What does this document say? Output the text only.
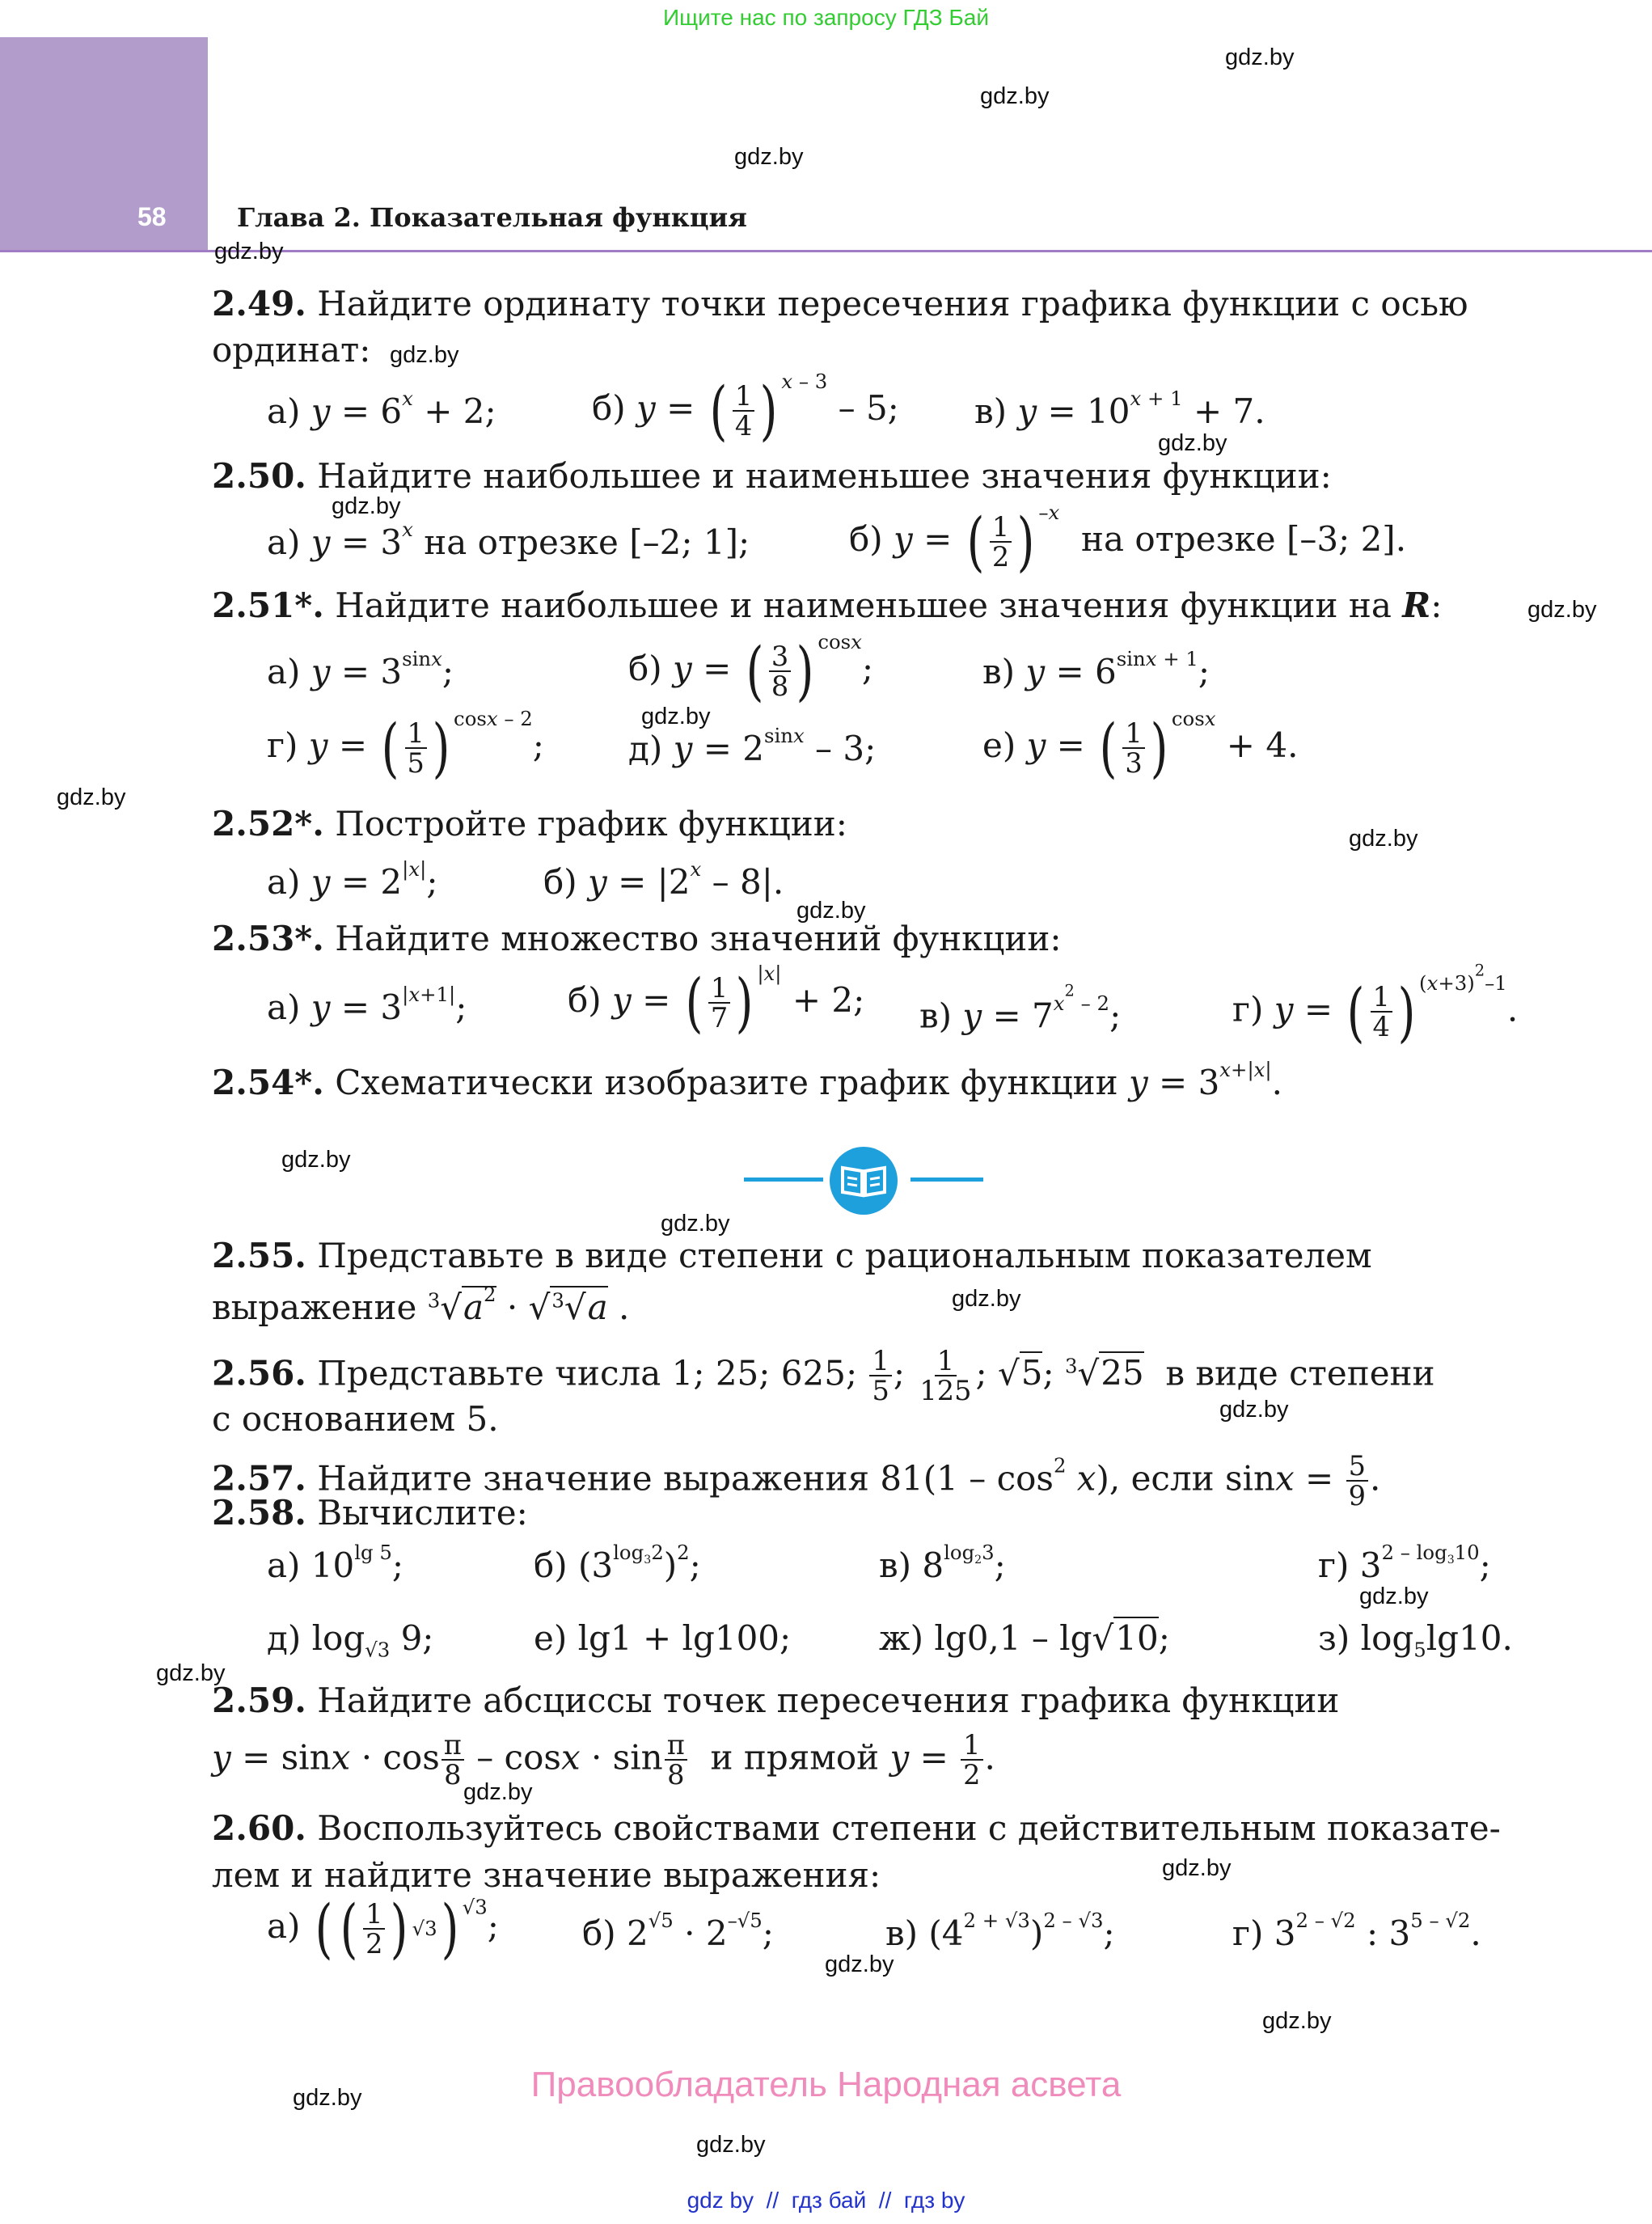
58	Глава 2. Показательная функция
Ищите нас по запросу ГДЗ Бай
gdz.by
gdz.by
gdz.by
gdz.by
gdz.by
gdz.by
gdz.by
gdz.by
gdz.by
gdz.by
gdz.by
gdz.by
gdz.by
gdz.by
gdz.by
gdz.by
gdz.by
gdz.by
gdz.by
gdz.by
gdz.by
gdz.by
gdz.by
gdz.by
2.49. Найдите ординату точки пересечения графика функции с осью
ординат:
а) $y = 6^x + 2$;	б) y = ( $\frac{1}{4}$ ) $^{x - 3}$ – 5; в) $y = 10^{x + 1} + 7$.
2.50. Найдите наибольшее и наименьшее значения функции:
а) $y = 3^x$ на отрезке [–2; 1];	б) y = ( $\frac{1}{2}$ ) $^{-x}$  на отрезке [–3; 2].
2.51*. Найдите наибольшее и наименьшее значения функции на R:
а) $y = 3^{sinx}$;	б) y = ( $\frac{3}{8}$ ) $^{cosx}$;	в) $y = 6^{sinx + 1}$;
г) y = ( $\frac{1}{5}$ ) $^{cosx - 2}$; д) $y = 2^{sinx} - 3$;	е) y = ( $\frac{1}{3}$ ) $^{cosx}$ + 4.
2.52*. Постройте график функции:
а) $y = 2^{|x|}$;	б) $y = |2^x - 8|$.
2.53*. Найдите множество значений функции:
а) $y = 3^{|x+1|}$;	б) y = ( $\frac{1}{7}$ ) $^{|x|}$ + 2; в) $y = 7^{x^2 - 2}$;	г) y = ( $\frac{1}{4}$ ) $^{(x+3)^2-1}$.
2.54*. Схематически изобразите график функции $y = 3^{x+|x|}$.
2.55. Представьте в виде степени с рациональным показателем
выражение $^3√a^2 \cdot √^3√a$ .
2.56. Представьте числа 1; 25; 625; $\frac{1}{5}$ ; $\frac{1}{125}$ ; √5; $^3$√25 в виде степени
с основанием 5.
2.57. Найдите значение выражения $81(1 - \cos^2 x)$, если $\sin x = \frac{5}{9}$ .
2.58. Вычислите:
а) $10^{lg 5}$;	б) $(3^{log_32})^2$;	в) $8^{log_23}$;	г) $3^{2 - log_310}$;
д) $\log_{√3} 9$;	е) lg1 + lg100;	ж) lg0,1 – lg√10;	з) $\log_5\lg 10$.
2.59. Найдите абсциссы точек пересечения графика функции
$y = \sin x \cdot \cos \frac{\pi}{8} - \cos x \cdot \sin \frac{\pi}{8}$ и прямой $y = \frac{1}{2}$ .
2.60. Воспользуйтесь свойствами степени с действительным показате-
лем и найдите значение выражения:
а) ( ( $\frac{1}{2}$ ) √3 ) $^{√3}$; б) $2^{√5} \cdot 2^{-√5}$;	в) $(4^{2 + √3})^{2 - √3}$;	г) $3^{2 - √2}$ : $3^{5 - √2}$.
Правообладатель Народная асвета
gdz by  //  гдз бай  //  гдз by
